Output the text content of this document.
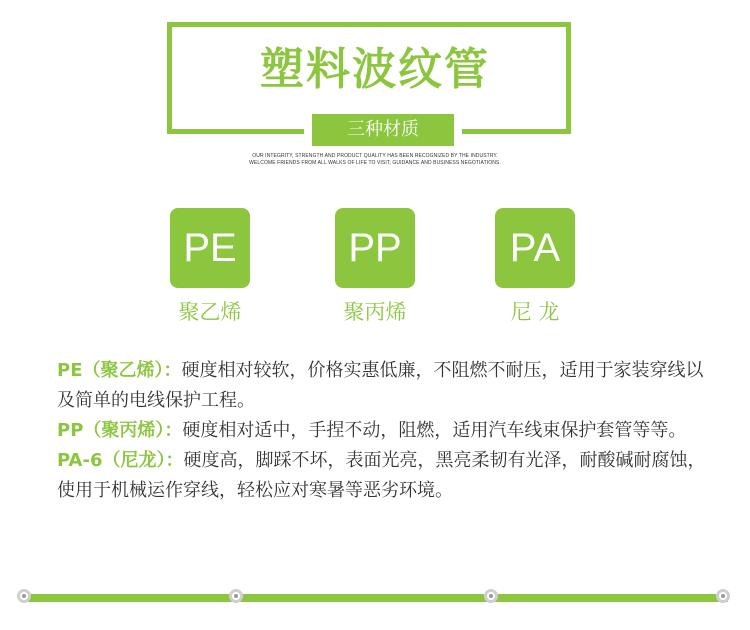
塑料波纹管
三种材质
OUR INTEGRITY, STRENGTH AND PRODUCT QUALITY HAS BEEN RECOGNIZED BY THE INDUSTRY.
WELCOME FRIENDS FROM ALL WALKS OF LIFE TO VISIT, GUIDANCE AND BUSINESS NEGOTIATIONS.
PE
聚乙烯
PP
聚丙烯
PA
尼 龙

PE（聚乙烯）：硬度相对较软，价格实惠低廉，不阻燃不耐压，适用于家装穿线以及简单的电线保护工程。

PP（聚丙烯）：硬度相对适中，手捏不动，阻燃，适用汽车线束保护套管等等。

PA-6（尼龙）：硬度高，脚踩不坏，表面光亮，黑亮柔韧有光泽，耐酸碱耐腐蚀，使用于机械运作穿线，轻松应对寒暑等恶劣环境。
